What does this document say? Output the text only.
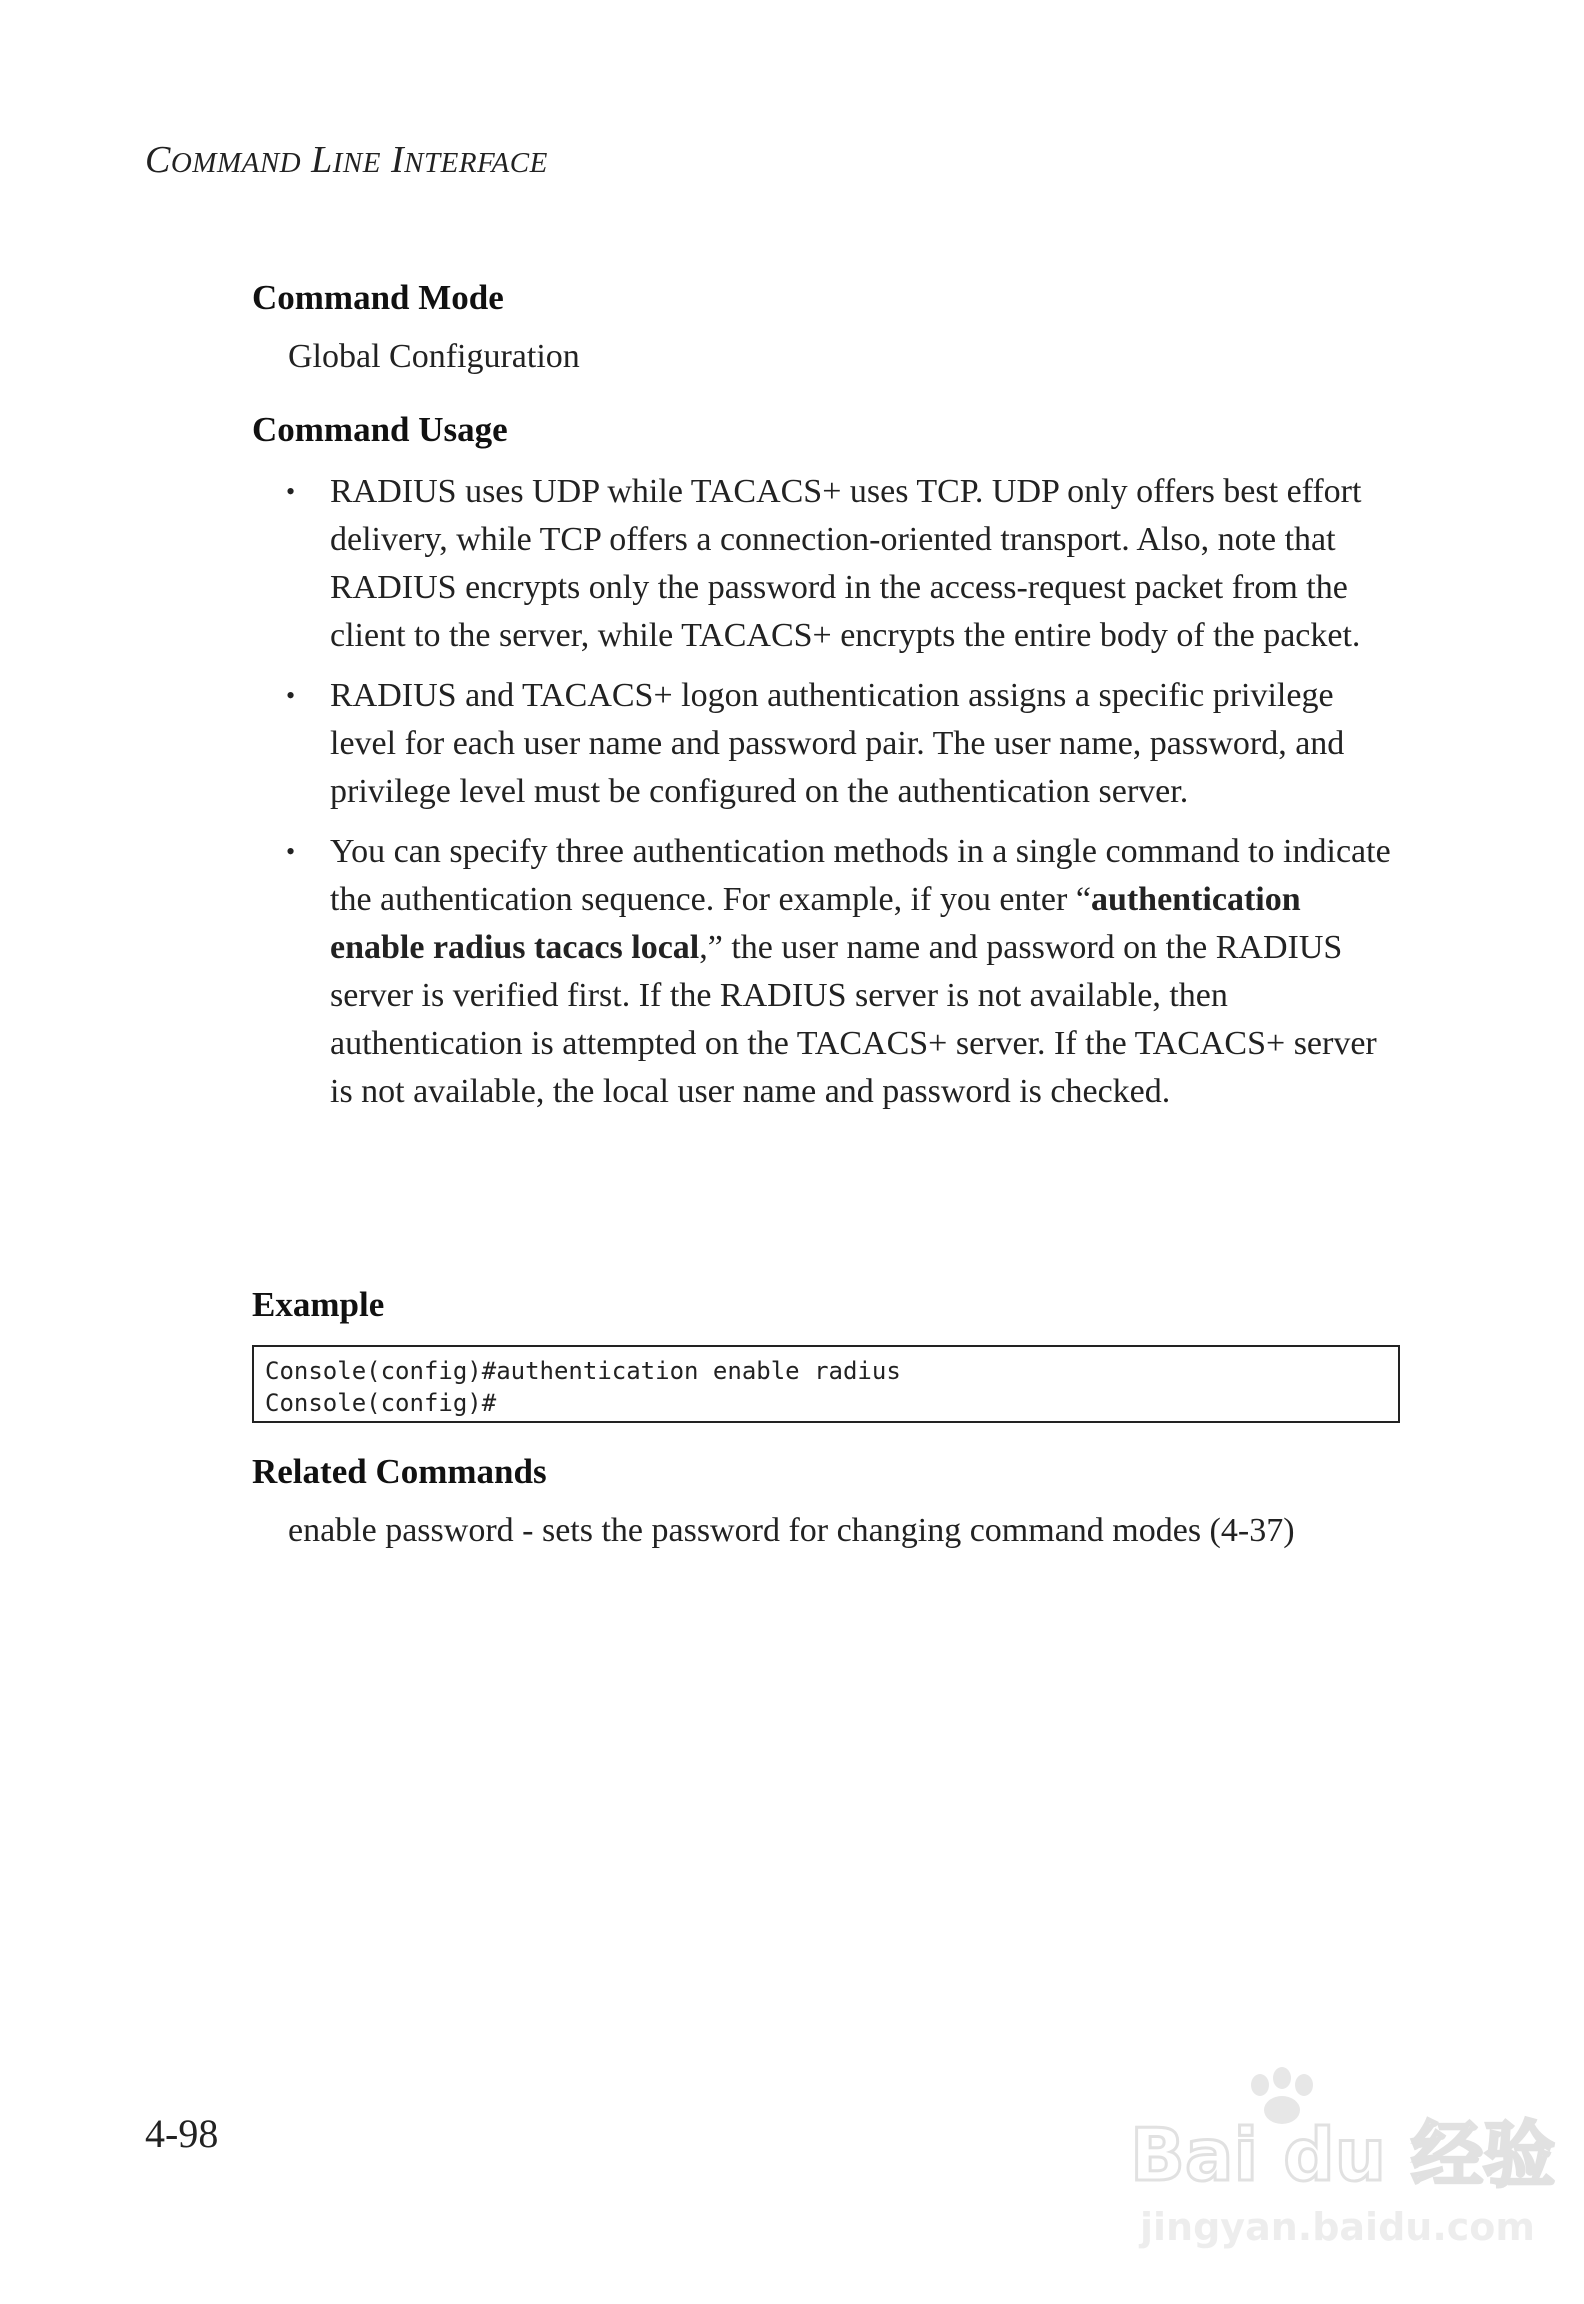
COMMAND LINE INTERFACE
Command Mode
Global Configuration
Command Usage
• RADIUS uses UDP while TACACS+ uses TCP. UDP only offers best effort delivery, while TCP offers a connection-oriented transport. Also, note that RADIUS encrypts only the password in the access-request packet from the client to the server, while TACACS+ encrypts the entire body of the packet.
• RADIUS and TACACS+ logon authentication assigns a specific privilege level for each user name and password pair. The user name, password, and privilege level must be configured on the authentication server.
• You can specify three authentication methods in a single command to indicate the authentication sequence. For example, if you enter “authentication enable radius tacacs local,” the user name and password on the RADIUS server is verified first. If the RADIUS server is not available, then authentication is attempted on the TACACS+ server. If the TACACS+ server is not available, the local user name and password is checked.
Example
Console(config)#authentication enable radius
Console(config)#
Related Commands
enable password - sets the password for changing command modes (4-37)
4-98	Bai du 经验
jingyan.baidu.com
